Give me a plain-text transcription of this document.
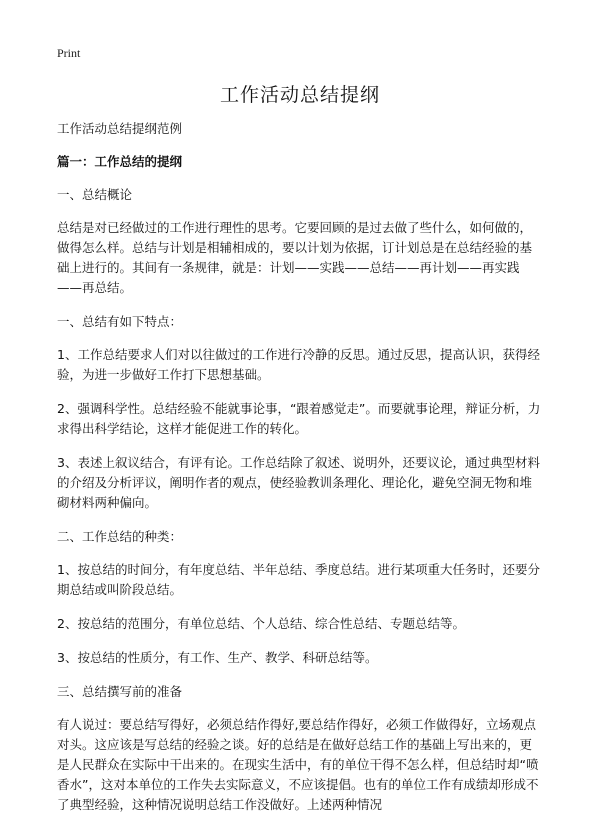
Print
工作活动总结提纲

工作活动总结提纲范例

篇一：工作总结的提纲

一、总结概论

总结是对已经做过的工作进行理性的思考。它要回顾的是过去做了些什么，如何做的，做得怎么样。总结与计划是相辅相成的，要以计划为依据，订计划总是在总结经验的基础上进行的。其间有一条规律，就是：计划——实践——总结——再计划——再实践——再总结。

一、总结有如下特点：

1、工作总结要求人们对以往做过的工作进行冷静的反思。通过反思，提高认识，获得经验，为进一步做好工作打下思想基础。

2、强调科学性。总结经验不能就事论事，“跟着感觉走”。而要就事论理，辩证分析，力求得出科学结论，这样才能促进工作的转化。

3、表述上叙议结合，有评有论。工作总结除了叙述、说明外，还要议论，通过典型材料的介绍及分析评议，阐明作者的观点，使经验教训条理化、理论化，避免空洞无物和堆砌材料两种偏向。

二、工作总结的种类：

1、按总结的时间分，有年度总结、半年总结、季度总结。进行某项重大任务时，还要分期总结或叫阶段总结。

2、按总结的范围分，有单位总结、个人总结、综合性总结、专题总结等。

3、按总结的性质分，有工作、生产、教学、科研总结等。

三、总结撰写前的准备

有人说过：要总结写得好，必须总结作得好,要总结作得好，必须工作做得好，立场观点对头。这应该是写总结的经验之谈。好的总结是在做好总结工作的基础上写出来的，更是人民群众在实际中干出来的。在现实生活中，有的单位干得不怎么样，但总结时却“喷香水”，这对本单位的工作失去实际意义，不应该提倡。也有的单位工作有成绩却形成不了典型经验，这种情况说明总结工作没做好。上述两种情况
